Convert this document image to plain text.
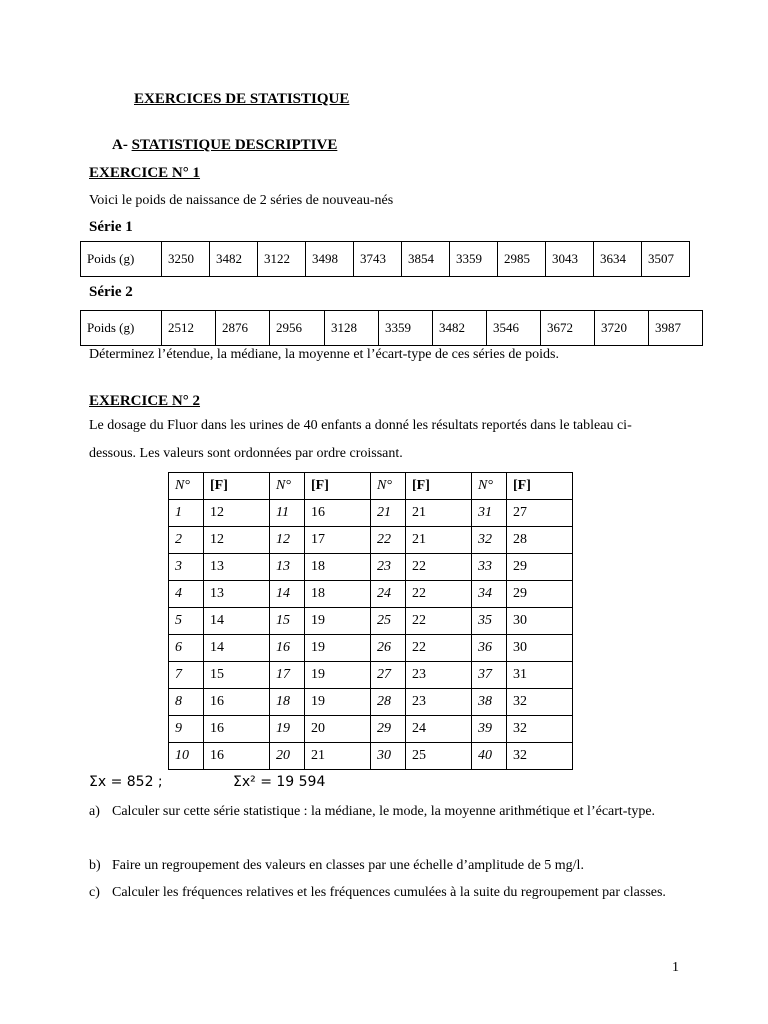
EXERCICES DE STATISTIQUE
A- STATISTIQUE DESCRIPTIVE
EXERCICE N° 1
Voici le poids de naissance de 2 séries de nouveau-nés
Série 1
Poids (g)	3250	3482	3122	3498	3743	3854	3359	2985	3043	3634	3507
Série 2
Poids (g)	2512	2876	2956	3128	3359	3482	3546	3672	3720	3987
Déterminez l’étendue, la médiane, la moyenne et l’écart-type de ces séries de poids.
EXERCICE N° 2
Le dosage du Fluor dans les urines de 40 enfants a donné les résultats reportés dans le tableau ci-
dessous. Les valeurs sont ordonnées par ordre croissant.
N°	[F]	N°	[F]	N°	[F]	N°	[F]
1	12	11	16	21	21	31	27
2	12	12	17	22	21	32	28
3	13	13	18	23	22	33	29
4	13	14	18	24	22	34	29
5	14	15	19	25	22	35	30
6	14	16	19	26	22	36	30
7	15	17	19	27	23	37	31
8	16	18	19	28	23	38	32
9	16	19	20	29	24	39	32
10	16	20	21	30	25	40	32
Σx = 852 ;	Σx² = 19 594
a) Calculer sur cette série statistique : la médiane, le mode, la moyenne arithmétique et l’écart-type.
b) Faire un regroupement des valeurs en classes par une échelle d’amplitude de 5 mg/l.
c) Calculer les fréquences relatives et les fréquences cumulées à la suite du regroupement par classes.
1
